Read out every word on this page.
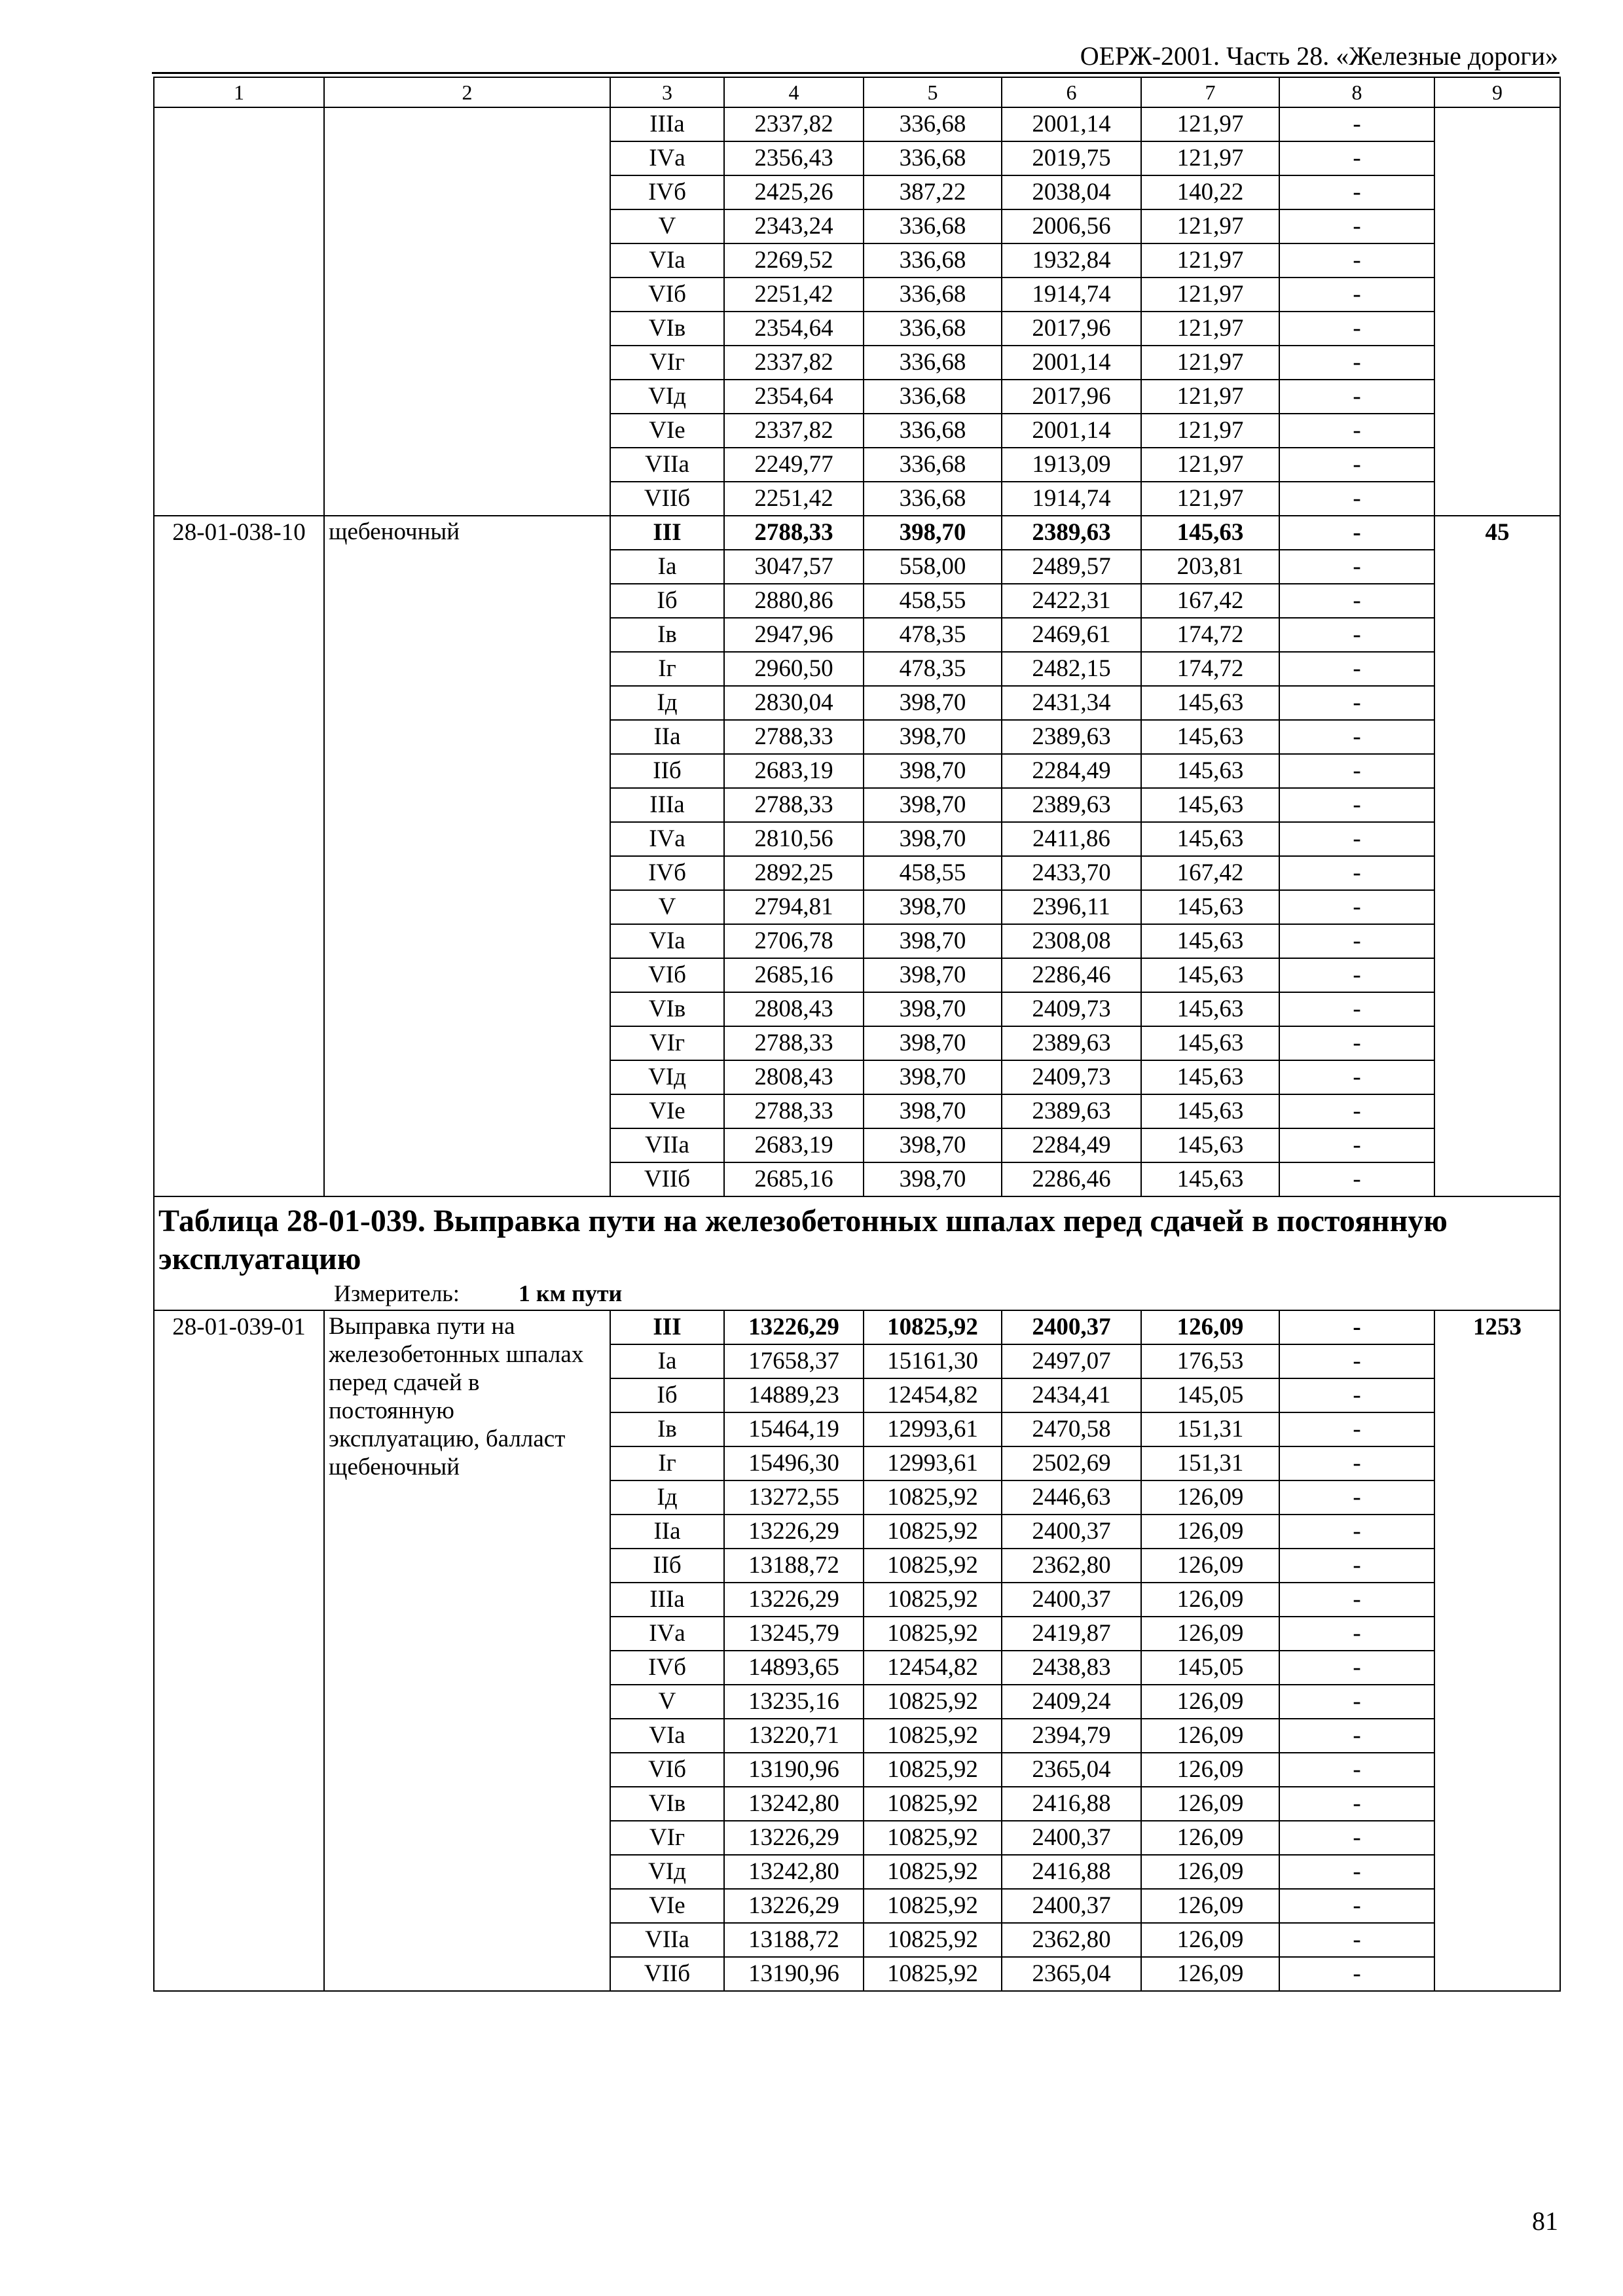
ОЕРЖ-2001. Часть 28. «Железные дороги»
1	2	3	4	5	6	7	8	9
		IIIа	2337,82	336,68	2001,14	121,97	-	
		IVа	2356,43	336,68	2019,75	121,97	-	
		IVб	2425,26	387,22	2038,04	140,22	-	
		V	2343,24	336,68	2006,56	121,97	-	
		VIа	2269,52	336,68	1932,84	121,97	-	
		VIб	2251,42	336,68	1914,74	121,97	-	
		VIв	2354,64	336,68	2017,96	121,97	-	
		VIг	2337,82	336,68	2001,14	121,97	-	
		VIд	2354,64	336,68	2017,96	121,97	-	
		VIе	2337,82	336,68	2001,14	121,97	-	
		VIIа	2249,77	336,68	1913,09	121,97	-	
		VIIб	2251,42	336,68	1914,74	121,97	-	
28-01-038-10	щебеночный	III	2788,33	398,70	2389,63	145,63	-	45
		Iа	3047,57	558,00	2489,57	203,81	-	
		Iб	2880,86	458,55	2422,31	167,42	-	
		Iв	2947,96	478,35	2469,61	174,72	-	
		Iг	2960,50	478,35	2482,15	174,72	-	
		Iд	2830,04	398,70	2431,34	145,63	-	
		IIа	2788,33	398,70	2389,63	145,63	-	
		IIб	2683,19	398,70	2284,49	145,63	-	
		IIIа	2788,33	398,70	2389,63	145,63	-	
		IVа	2810,56	398,70	2411,86	145,63	-	
		IVб	2892,25	458,55	2433,70	167,42	-	
		V	2794,81	398,70	2396,11	145,63	-	
		VIа	2706,78	398,70	2308,08	145,63	-	
		VIб	2685,16	398,70	2286,46	145,63	-	
		VIв	2808,43	398,70	2409,73	145,63	-	
		VIг	2788,33	398,70	2389,63	145,63	-	
		VIд	2808,43	398,70	2409,73	145,63	-	
		VIе	2788,33	398,70	2389,63	145,63	-	
		VIIа	2683,19	398,70	2284,49	145,63	-	
		VIIб	2685,16	398,70	2286,46	145,63	-	

Таблица 28-01-039. Выправка пути на железобетонных шпалах перед сдачей в постоянную эксплуатацию
Измеритель: 1 км пути								

28-01-039-01	Выправка пути на железобетонных шпалах перед сдачей в постоянную эксплуатацию, балласт щебеночный	III	13226,29	10825,92	2400,37	126,09	-	1253
		Iа	17658,37	15161,30	2497,07	176,53	-	
		Iб	14889,23	12454,82	2434,41	145,05	-	
		Iв	15464,19	12993,61	2470,58	151,31	-	
		Iг	15496,30	12993,61	2502,69	151,31	-	
		Iд	13272,55	10825,92	2446,63	126,09	-	
		IIа	13226,29	10825,92	2400,37	126,09	-	
		IIб	13188,72	10825,92	2362,80	126,09	-	
		IIIа	13226,29	10825,92	2400,37	126,09	-	
		IVа	13245,79	10825,92	2419,87	126,09	-	
		IVб	14893,65	12454,82	2438,83	145,05	-	
		V	13235,16	10825,92	2409,24	126,09	-	
		VIа	13220,71	10825,92	2394,79	126,09	-	
		VIб	13190,96	10825,92	2365,04	126,09	-	
		VIв	13242,80	10825,92	2416,88	126,09	-	
		VIг	13226,29	10825,92	2400,37	126,09	-	
		VIд	13242,80	10825,92	2416,88	126,09	-	
		VIе	13226,29	10825,92	2400,37	126,09	-	
		VIIа	13188,72	10825,92	2362,80	126,09	-	
		VIIб	13190,96	10825,92	2365,04	126,09	-	
81
